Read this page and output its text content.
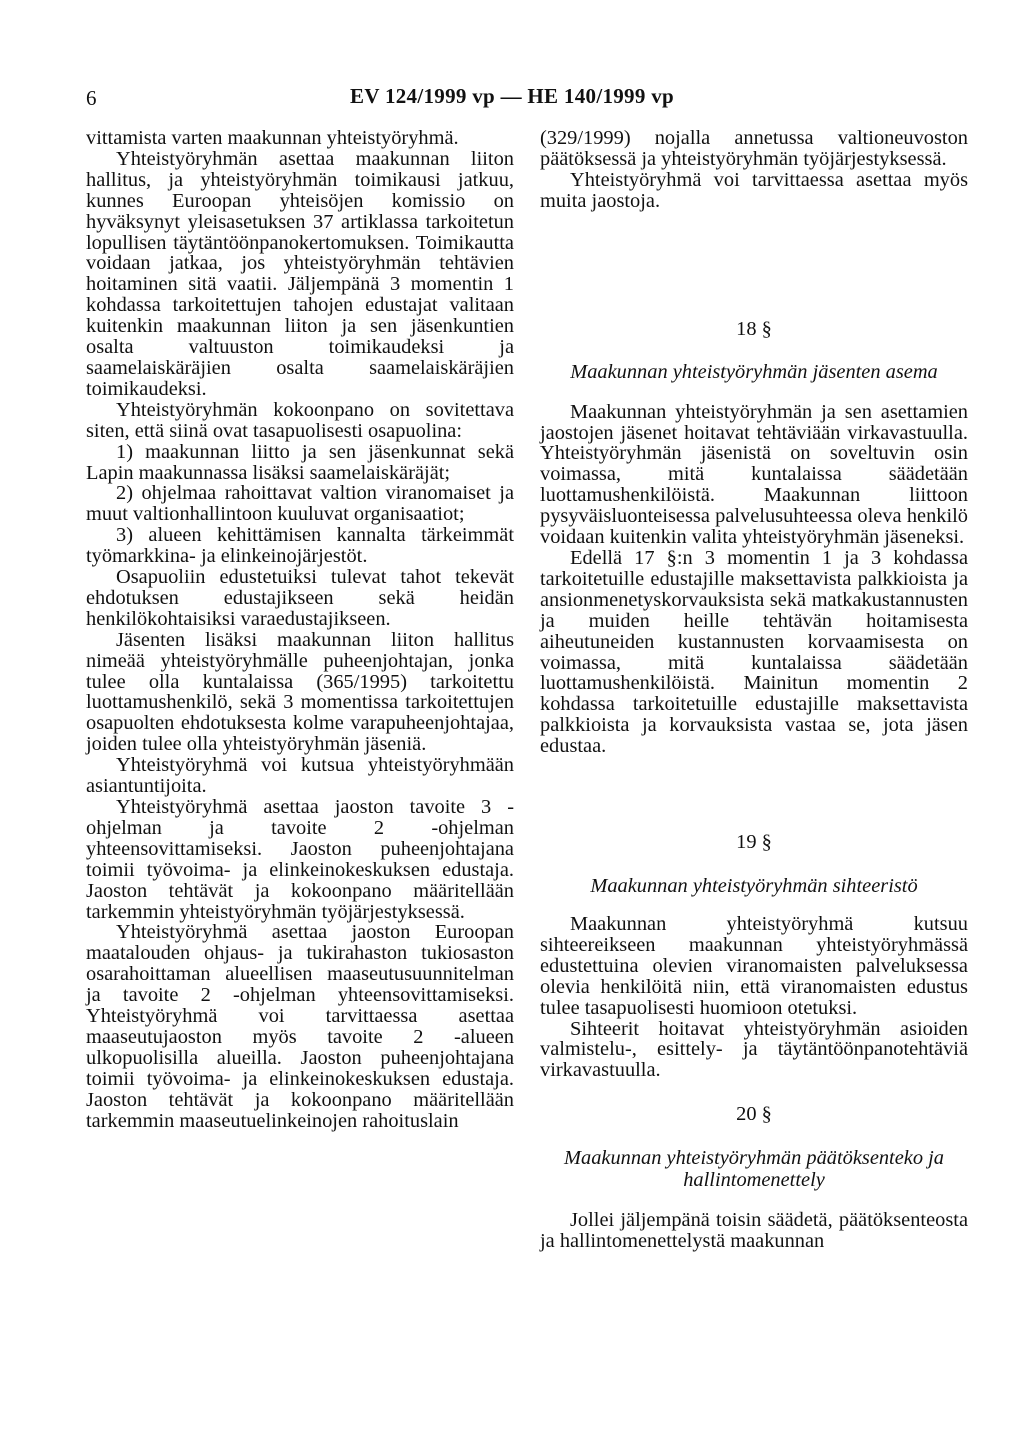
6	EV 124/1999 vp — HE 140/1999 vp

vittamista varten maakunnan yhteistyöryhmä.

Yhteistyöryhmän asettaa maakunnan liiton hallitus, ja yhteistyöryhmän toimikausi jatkuu, kunnes Euroopan yhteisöjen komissio on hyväksynyt yleisasetuksen 37 artiklassa tarkoitetun lopullisen täytäntöönpanokertomuksen. Toimikautta voidaan jatkaa, jos yhteistyöryhmän tehtävien hoitaminen sitä vaatii. Jäljempänä 3 momentin 1 kohdassa tarkoitettujen tahojen edustajat valitaan kuitenkin maakunnan liiton ja sen jäsenkuntien osalta valtuuston toimikaudeksi ja saamelaiskäräjien osalta saamelaiskäräjien toimikaudeksi.

Yhteistyöryhmän kokoonpano on sovitettava siten, että siinä ovat tasapuolisesti osapuolina:

1) maakunnan liitto ja sen jäsenkunnat sekä Lapin maakunnassa lisäksi saamelaiskäräjät;

2) ohjelmaa rahoittavat valtion viranomaiset ja muut valtionhallintoon kuuluvat organisaatiot;

3) alueen kehittämisen kannalta tärkeimmät työmarkkina- ja elinkeinojärjestöt.

Osapuoliin edustetuiksi tulevat tahot tekevät ehdotuksen edustajikseen sekä heidän henkilökohtaisiksi varaedustajikseen.

Jäsenten lisäksi maakunnan liiton hallitus nimeää yhteistyöryhmälle puheenjohtajan, jonka tulee olla kuntalaissa (365/1995) tarkoitettu luottamushenkilö, sekä 3 momentissa tarkoitettujen osapuolten ehdotuksesta kolme varapuheenjohtajaa, joiden tulee olla yhteistyöryhmän jäseniä.

Yhteistyöryhmä voi kutsua yhteistyöryhmään asiantuntijoita.

Yhteistyöryhmä asettaa jaoston tavoite 3 -ohjelman ja tavoite 2 -ohjelman yhteensovittamiseksi. Jaoston puheenjohtajana toimii työvoima- ja elinkeinokeskuksen edustaja. Jaoston tehtävät ja kokoonpano määritellään tarkemmin yhteistyöryhmän työjärjestyksessä.

Yhteistyöryhmä asettaa jaoston Euroopan maatalouden ohjaus- ja tukirahaston tukiosaston osarahoittaman alueellisen maaseutusuunnitelman ja tavoite 2 -ohjelman yhteensovittamiseksi. Yhteistyöryhmä voi tarvittaessa asettaa maaseutujaoston myös tavoite 2 -alueen ulkopuolisilla alueilla. Jaoston puheenjohtajana toimii työvoima- ja elinkeinokeskuksen edustaja. Jaoston tehtävät ja kokoonpano määritellään tarkemmin maaseutuelinkeinojen rahoituslain

(329/1999) nojalla annetussa valtioneuvoston päätöksessä ja yhteistyöryhmän työjärjestyksessä.

Yhteistyöryhmä voi tarvittaessa asettaa myös muita jaostoja.

18 §
Maakunnan yhteistyöryhmän jäsenten asema

Maakunnan yhteistyöryhmän ja sen asettamien jaostojen jäsenet hoitavat tehtäviään virkavastuulla. Yhteistyöryhmän jäsenistä on soveltuvin osin voimassa, mitä kuntalaissa säädetään luottamushenkilöistä. Maakunnan liittoon pysyväisluonteisessa palvelusuhteessa oleva henkilö voidaan kuitenkin valita yhteistyöryhmän jäseneksi.

Edellä 17 §:n 3 momentin 1 ja 3 kohdassa tarkoitetuille edustajille maksettavista palkkioista ja ansionmenetyskorvauksista sekä matkakustannusten ja muiden heille tehtävän hoitamisesta aiheutuneiden kustannusten korvaamisesta on voimassa, mitä kuntalaissa säädetään luottamushenkilöistä. Mainitun momentin 2 kohdassa tarkoitetuille edustajille maksettavista palkkioista ja korvauksista vastaa se, jota jäsen edustaa.

19 §
Maakunnan yhteistyöryhmän sihteeristö

Maakunnan yhteistyöryhmä kutsuu sihteereikseen maakunnan yhteistyöryhmässä edustettuina olevien viranomaisten palveluksessa olevia henkilöitä niin, että viranomaisten edustus tulee tasapuolisesti huomioon otetuksi.

Sihteerit hoitavat yhteistyöryhmän asioiden valmistelu-, esittely- ja täytäntöönpanotehtäviä virkavastuulla.

20 §
Maakunnan yhteistyöryhmän päätöksenteko ja hallintomenettely

Jollei jäljempänä toisin säädetä, päätöksenteosta ja hallintomenettelystä maakunnan
